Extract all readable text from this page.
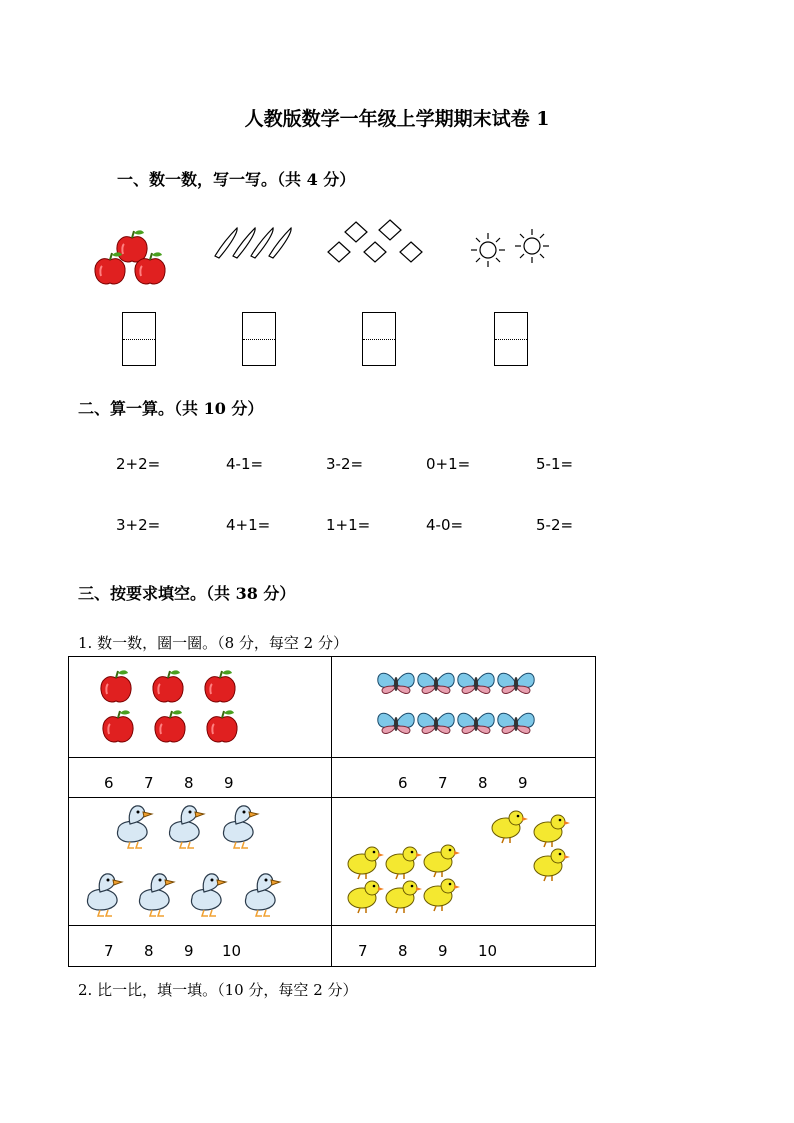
人教版数学一年级上学期期末试卷 1
一、数一数，写一写。（共 4 分）
二、算一算。（共 10 分）
2+2=	4-1=	3-2=	0+1=	5-1=
3+2=	4+1=	1+1=	4-0=	5-2=
三、按要求填空。（共 38 分）
1. 数一数，圈一圈。（8 分，每空 2 分）
6 7 8 9	6 7 8 9
7 8 9 10	7 8 9 10
2. 比一比，填一填。（10 分，每空 2 分）
